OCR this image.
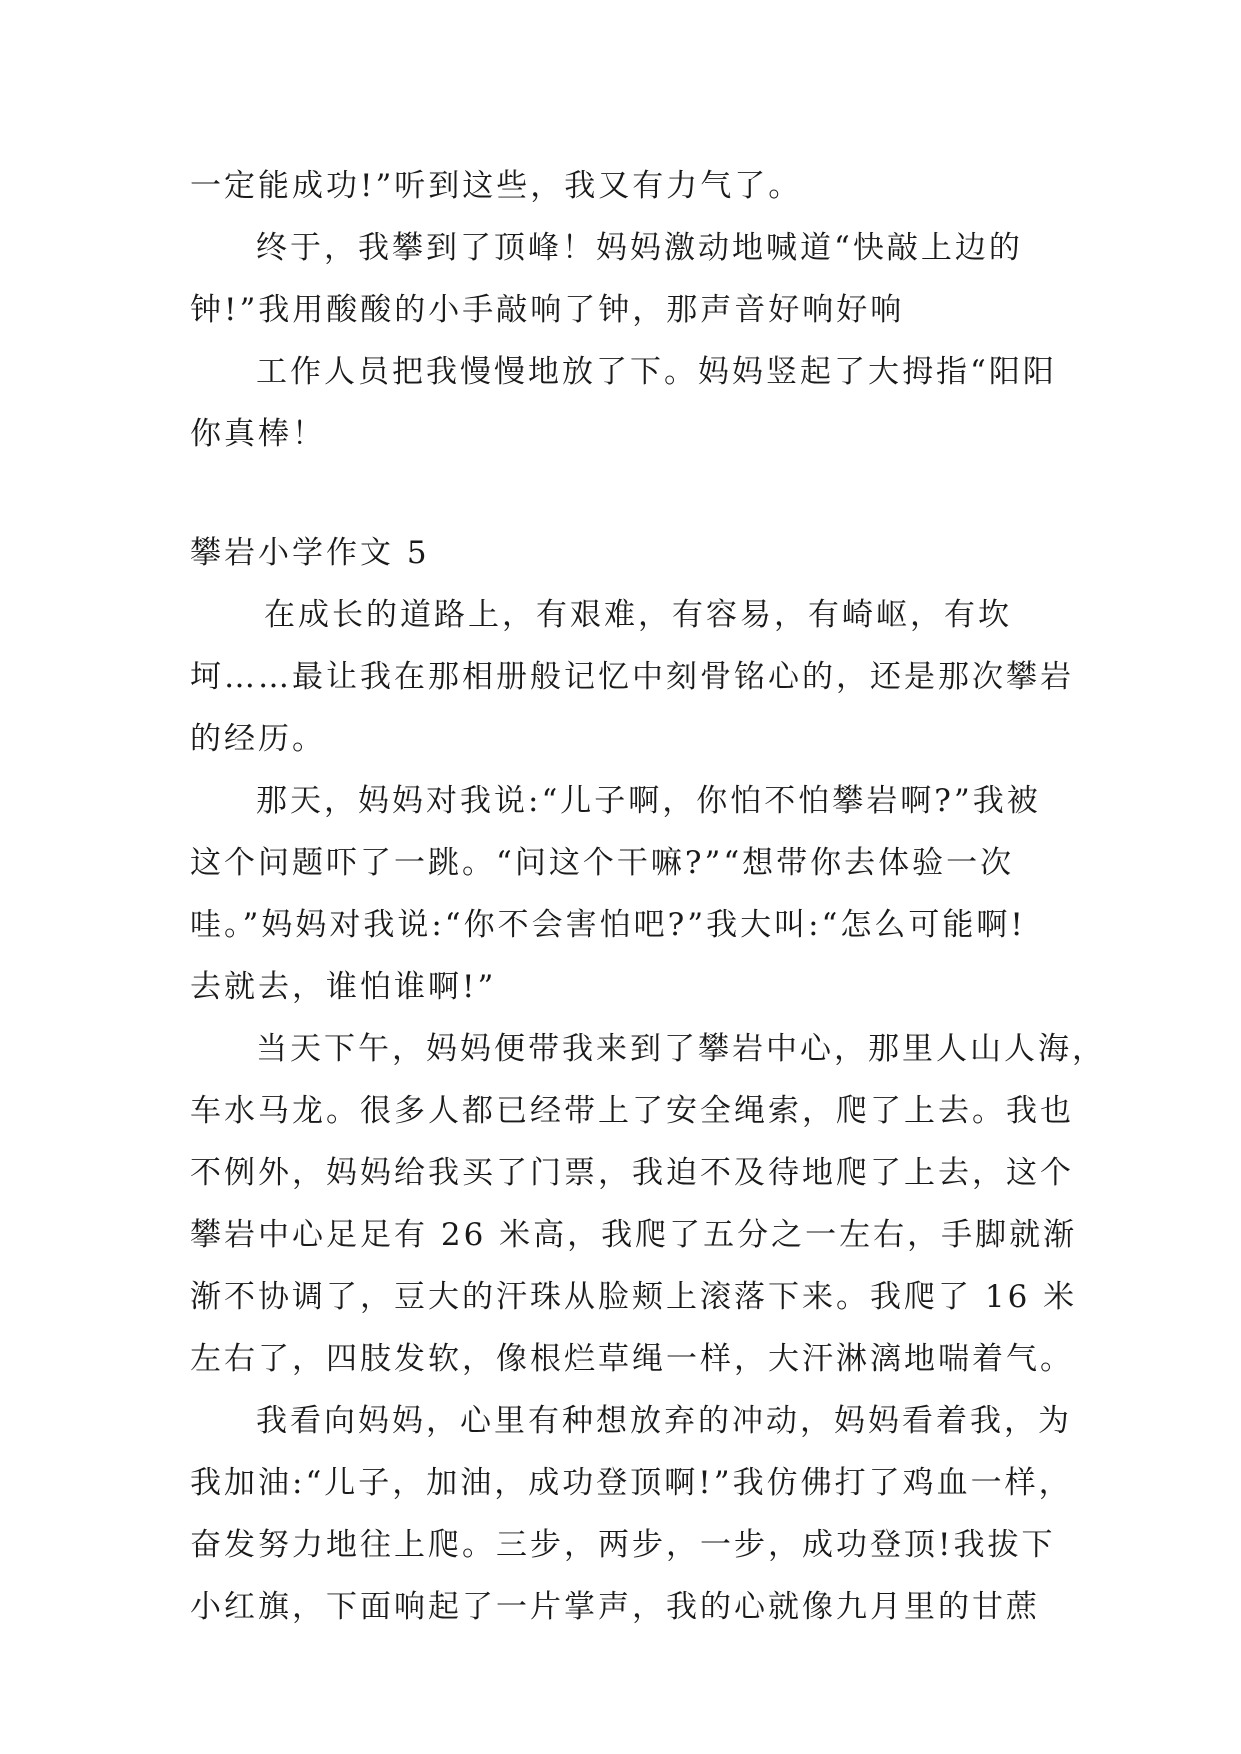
一定能成功!”听到这些，我又有力气了。
终于，我攀到了顶峰！妈妈激动地喊道“快敲上边的
钟!”我用酸酸的小手敲响了钟，那声音好响好响
工作人员把我慢慢地放了下。妈妈竖起了大拇指“阳阳
你真棒！
攀岩小学作文 5
在成长的道路上，有艰难，有容易，有崎岖，有坎
坷……最让我在那相册般记忆中刻骨铭心的，还是那次攀岩
的经历。
那天，妈妈对我说:“儿子啊，你怕不怕攀岩啊?”我被
这个问题吓了一跳。“问这个干嘛?”“想带你去体验一次
哇。”妈妈对我说:“你不会害怕吧?”我大叫:“怎么可能啊!
去就去，谁怕谁啊!”
当天下午，妈妈便带我来到了攀岩中心，那里人山人海，
车水马龙。很多人都已经带上了安全绳索，爬了上去。我也
不例外，妈妈给我买了门票，我迫不及待地爬了上去，这个
攀岩中心足足有 26 米高，我爬了五分之一左右，手脚就渐
渐不协调了，豆大的汗珠从脸颊上滚落下来。我爬了 16 米
左右了，四肢发软，像根烂草绳一样，大汗淋漓地喘着气。
我看向妈妈，心里有种想放弃的冲动，妈妈看着我，为
我加油:“儿子，加油，成功登顶啊!”我仿佛打了鸡血一样，
奋发努力地往上爬。三步，两步，一步，成功登顶!我拔下
小红旗，下面响起了一片掌声，我的心就像九月里的甘蔗
